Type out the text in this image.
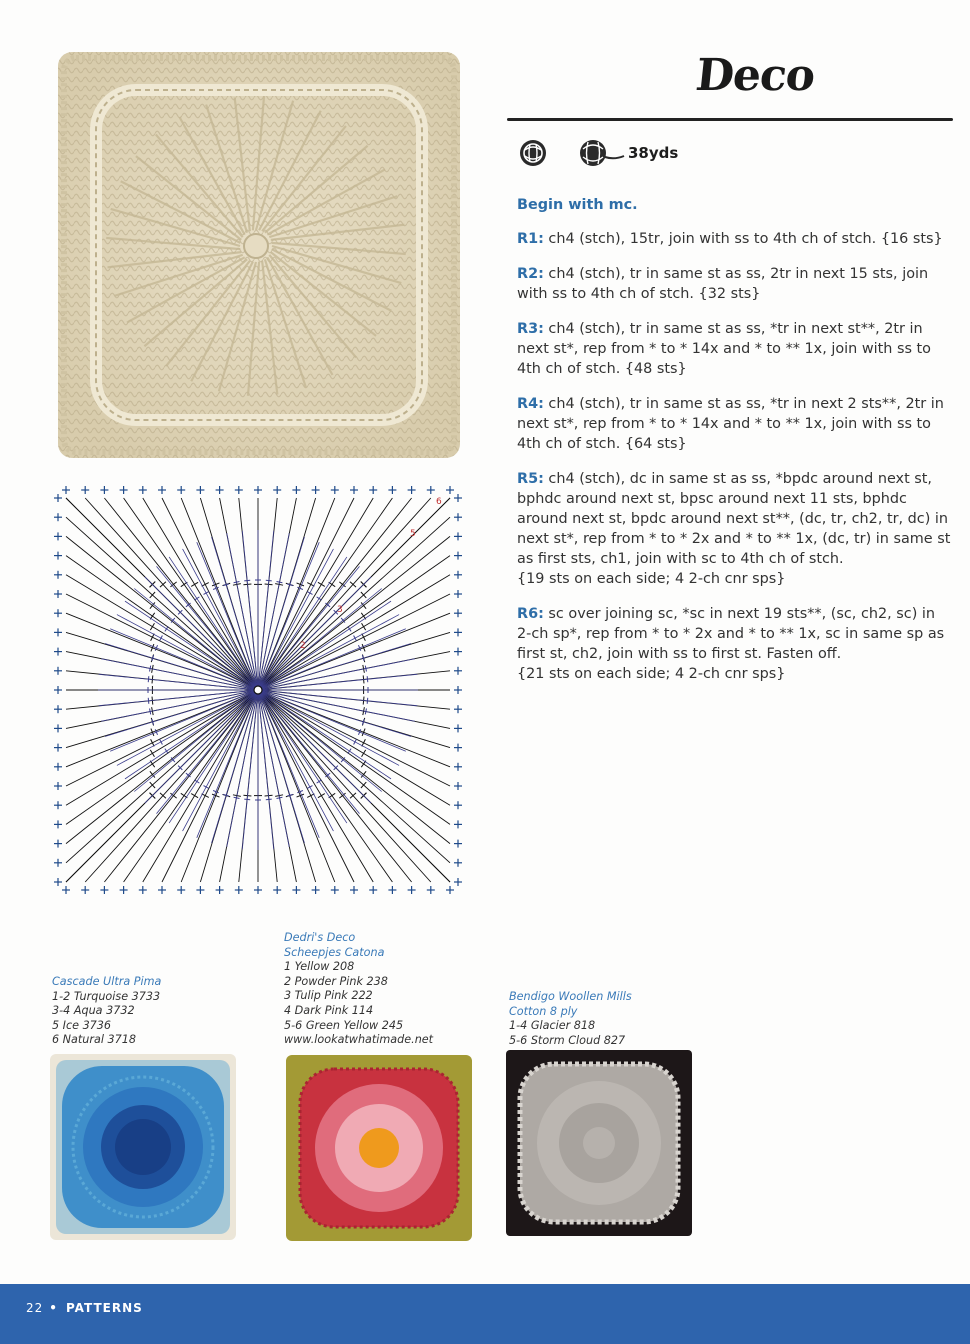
Deco
38yds

Begin with mc.

R1: ch4 (stch), 15tr, join with ss to 4th ch of stch. {16 sts}

R2: ch4 (stch), tr in same st as ss, 2tr in next 15 sts, join with ss to 4th ch of stch. {32 sts}

R3: ch4 (stch), tr in same st as ss, *tr in next st**, 2tr in next st*, rep from * to * 14x and * to ** 1x, join with ss to 4th ch of stch. {48 sts}

R4: ch4 (stch), tr in same st as ss, *tr in next 2 sts**, 2tr in next st*, rep from * to * 14x and * to ** 1x, join with ss to 4th ch of stch. {64 sts}

R5: ch4 (stch), dc in same st as ss, *bpdc around next st, bphdc around next st, bpsc around next 11 sts, bphdc around next st, bpdc around next st**, (dc, tr, ch2, tr, dc) in next st*, rep from * to * 2x and * to ** 1x, (dc, tr) in same st as first sts, ch1, join with sc to 4th ch of stch.
{19 sts on each side; 4 2-ch cnr sps}

R6: sc over joining sc, *sc in next 19 sts**, (sc, ch2, sc) in 2-ch sp*, rep from * to * 2x and * to ** 1x, sc in same sp as first st, ch2, join with ss to first st. Fasten off.
{21 sts on each side; 4 2-ch cnr sps}

2
3
5
6
Cascade Ultra Pima
1-2 Turquoise 3733
3-4 Aqua 3732
5 Ice 3736
6 Natural 3718
Dedri's Deco
Scheepjes Catona
1 Yellow 208
2 Powder Pink 238
3 Tulip Pink 222
4 Dark Pink 114
5-6 Green Yellow 245
www.lookatwhatimade.net
Bendigo Woollen Mills
Cotton 8 ply
1-4 Glacier 818
5-6 Storm Cloud 827
22 • PATTERNS
